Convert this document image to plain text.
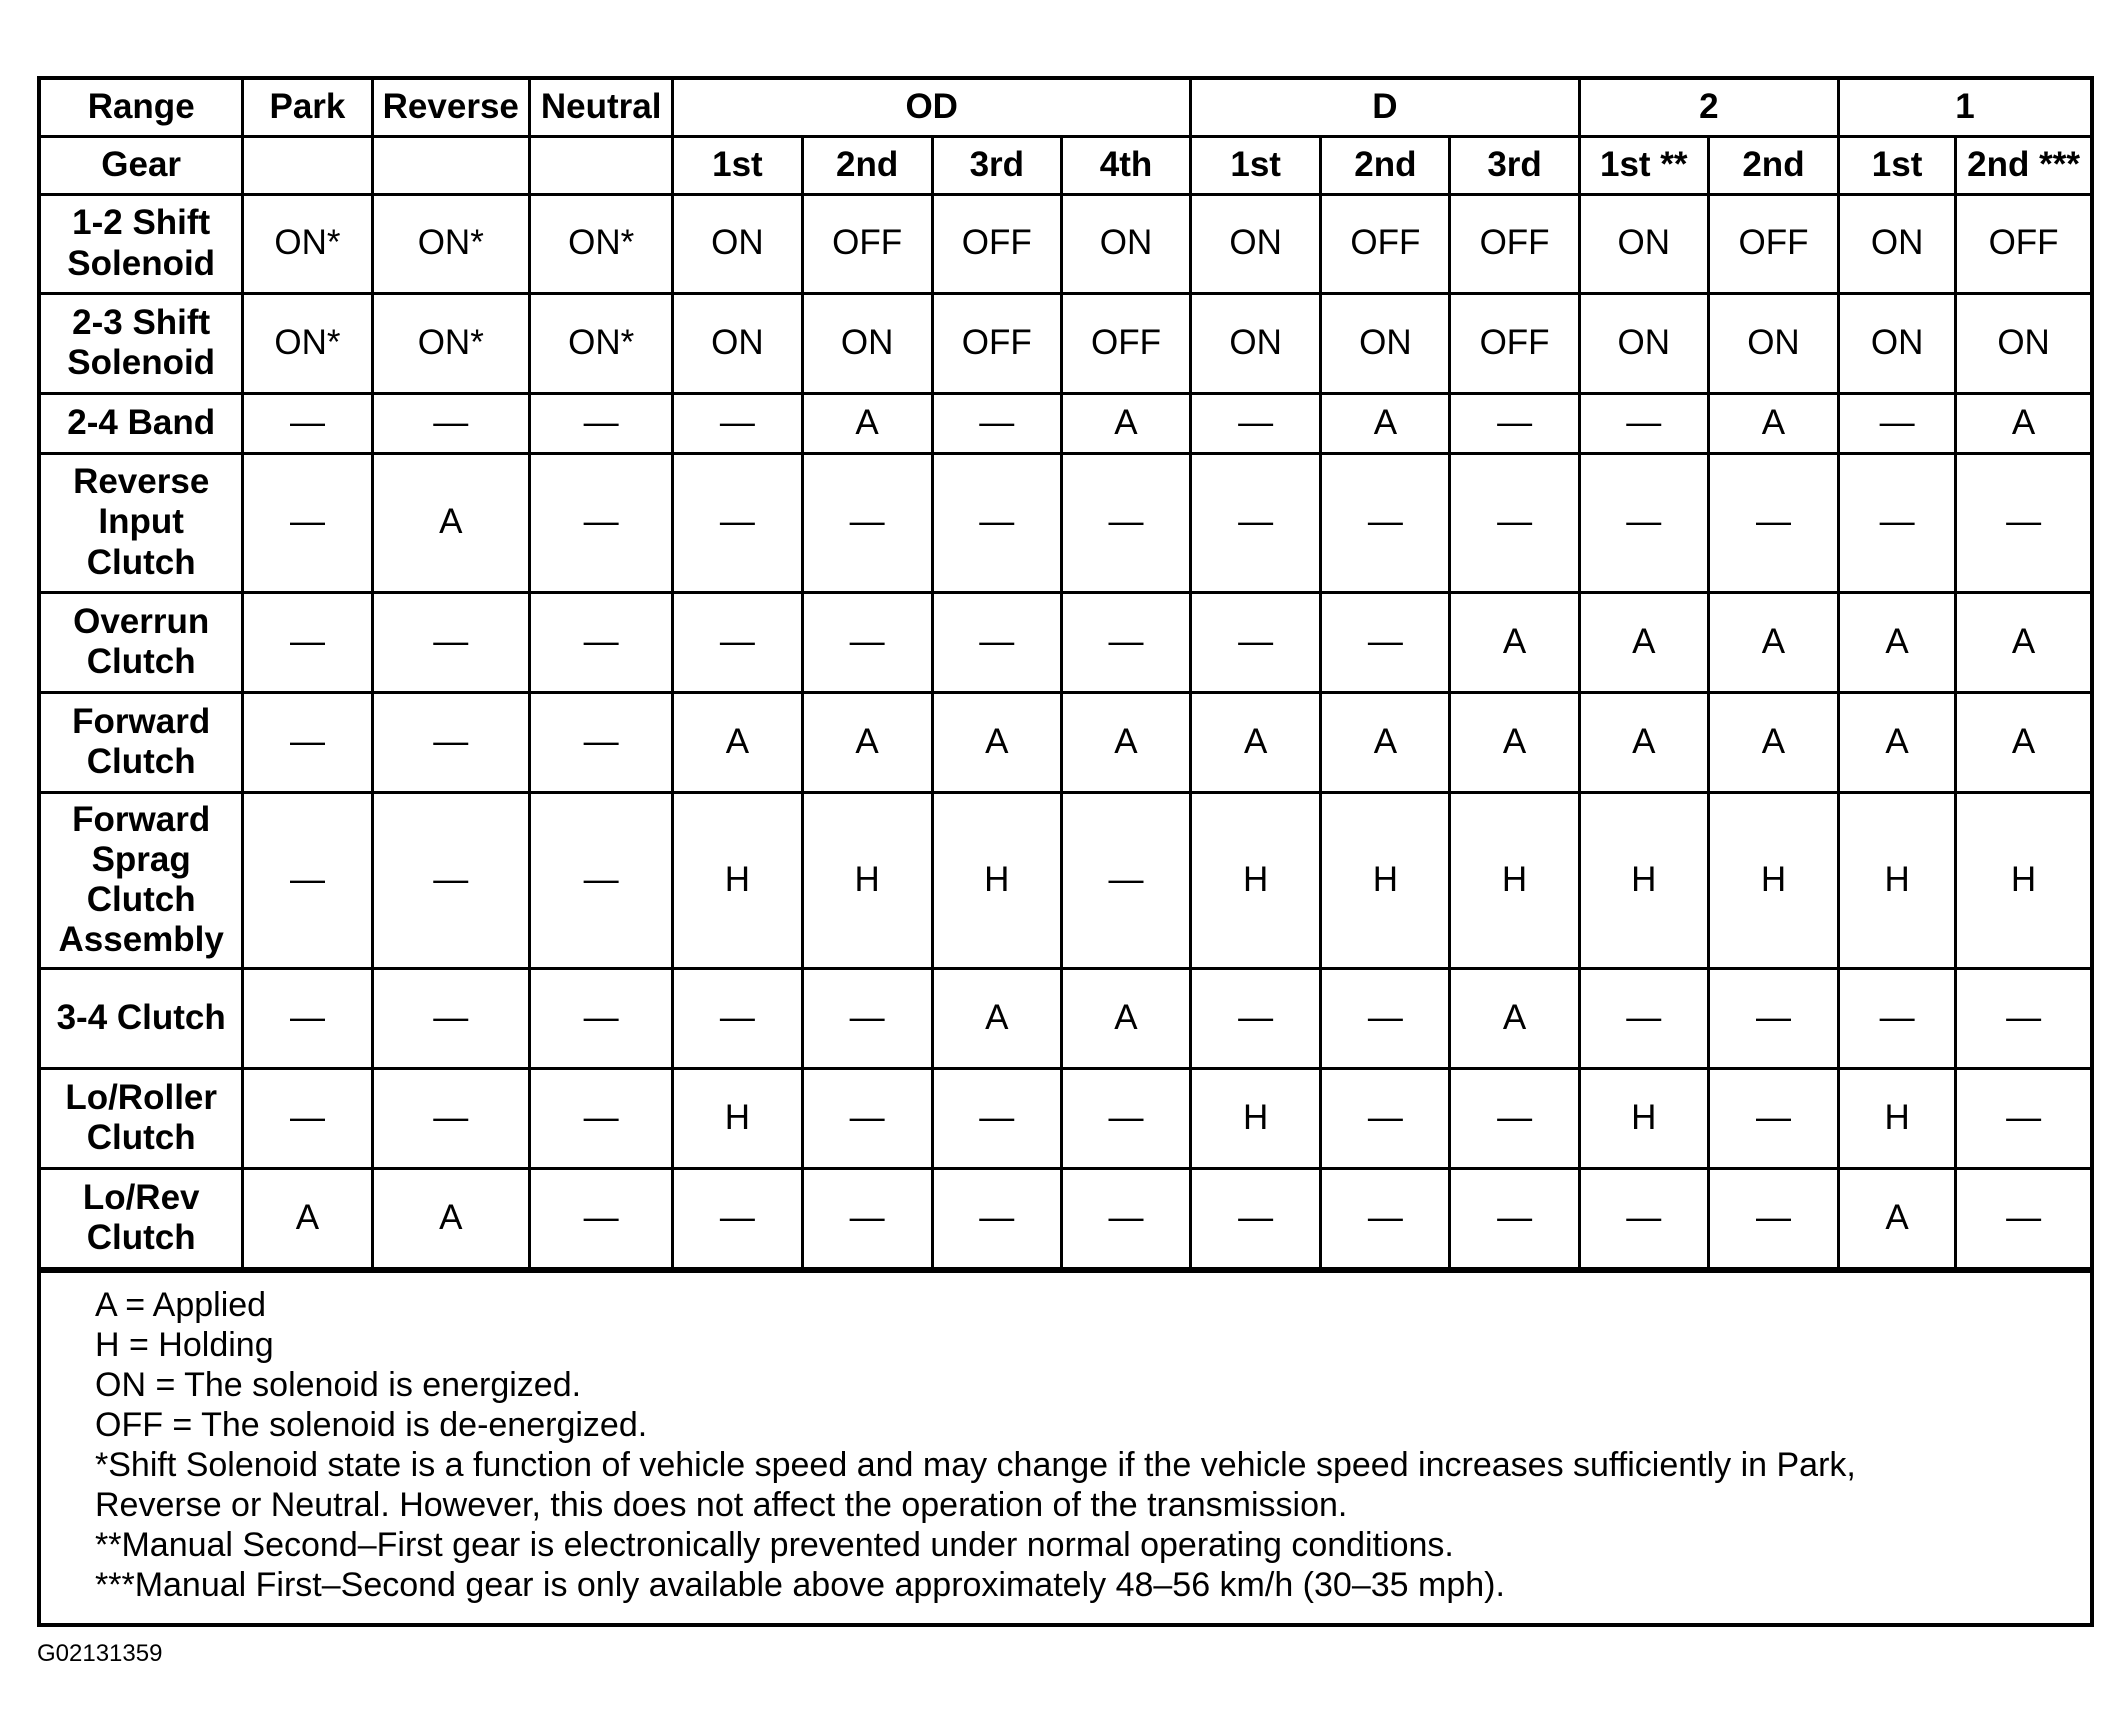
Range	Park	Reverse	Neutral	OD				D			2		1	
Gear				1st	2nd	3rd	4th	1st	2nd	3rd	1st **	2nd	1st	2nd ***
1-2 Shift Solenoid	ON*	ON*	ON*	ON	OFF	OFF	ON	ON	OFF	OFF	ON	OFF	ON	OFF
2-3 Shift Solenoid	ON*	ON*	ON*	ON	ON	OFF	OFF	ON	ON	OFF	ON	ON	ON	ON
2-4 Band	—	—	—	—	A	—	A	—	A	—	—	A	—	A
Reverse Input Clutch	—	A	—	—	—	—	—	—	—	—	—	—	—	—
Overrun Clutch	—	—	—	—	—	—	—	—	—	A	A	A	A	A
Forward Clutch	—	—	—	A	A	A	A	A	A	A	A	A	A	A
Forward Sprag Clutch Assembly	—	—	—	H	H	H	—	H	H	H	H	H	H	H
3-4 Clutch	—	—	—	—	—	A	A	—	—	A	—	—	—	—
Lo/Roller Clutch	—	—	—	H	—	—	—	H	—	—	H	—	H	—
Lo/Rev Clutch	A	A	—	—	—	—	—	—	—	—	—	—	A	—
A = Applied
H = Holding
ON = The solenoid is energized.
OFF = The solenoid is de-energized.
*Shift Solenoid state is a function of vehicle speed and may change if the vehicle speed increases sufficiently in Park,
Reverse or Neutral. However, this does not affect the operation of the transmission.
**Manual Second–First gear is electronically prevented under normal operating conditions.
***Manual First–Second gear is only available above approximately 48–56 km/h (30–35 mph).
G02131359
